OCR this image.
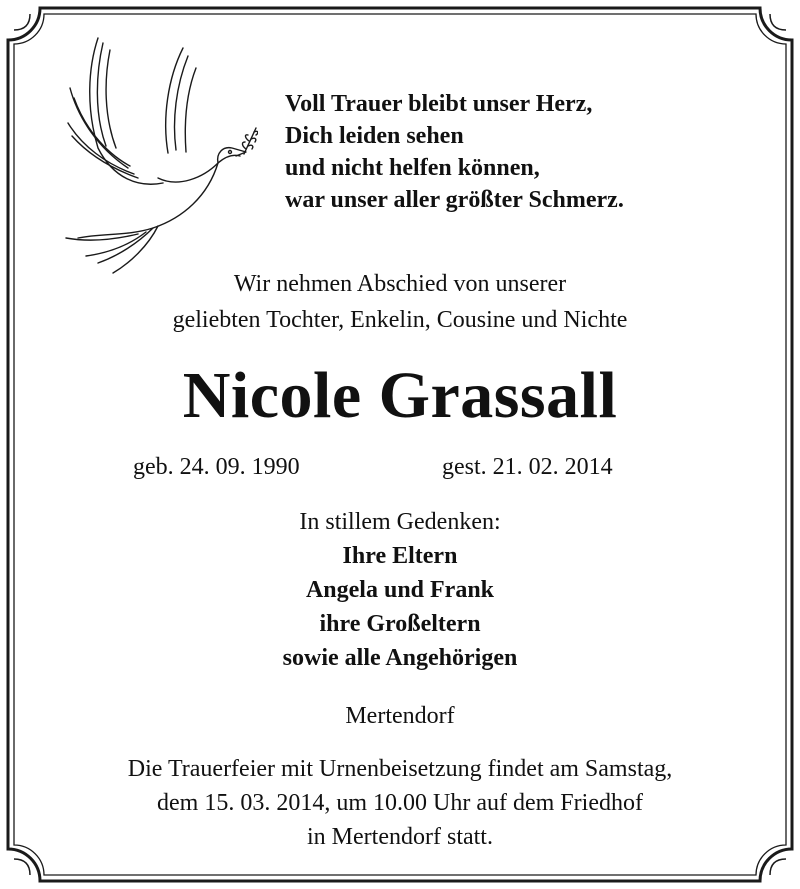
Voll Trauer bleibt unser Herz,
Dich leiden sehen
und nicht helfen können,
war unser aller größter Schmerz.
Wir nehmen Abschied von unserer
geliebten Tochter, Enkelin, Cousine und Nichte
Nicole Grassall
geb. 24. 09. 1990	gest. 21. 02. 2014
In stillem Gedenken:
Ihre Eltern
Angela und Frank
ihre Großeltern
sowie alle Angehörigen
Mertendorf
Die Trauerfeier mit Urnenbeisetzung findet am Samstag,
dem 15. 03. 2014, um 10.00 Uhr auf dem Friedhof
in Mertendorf statt.
